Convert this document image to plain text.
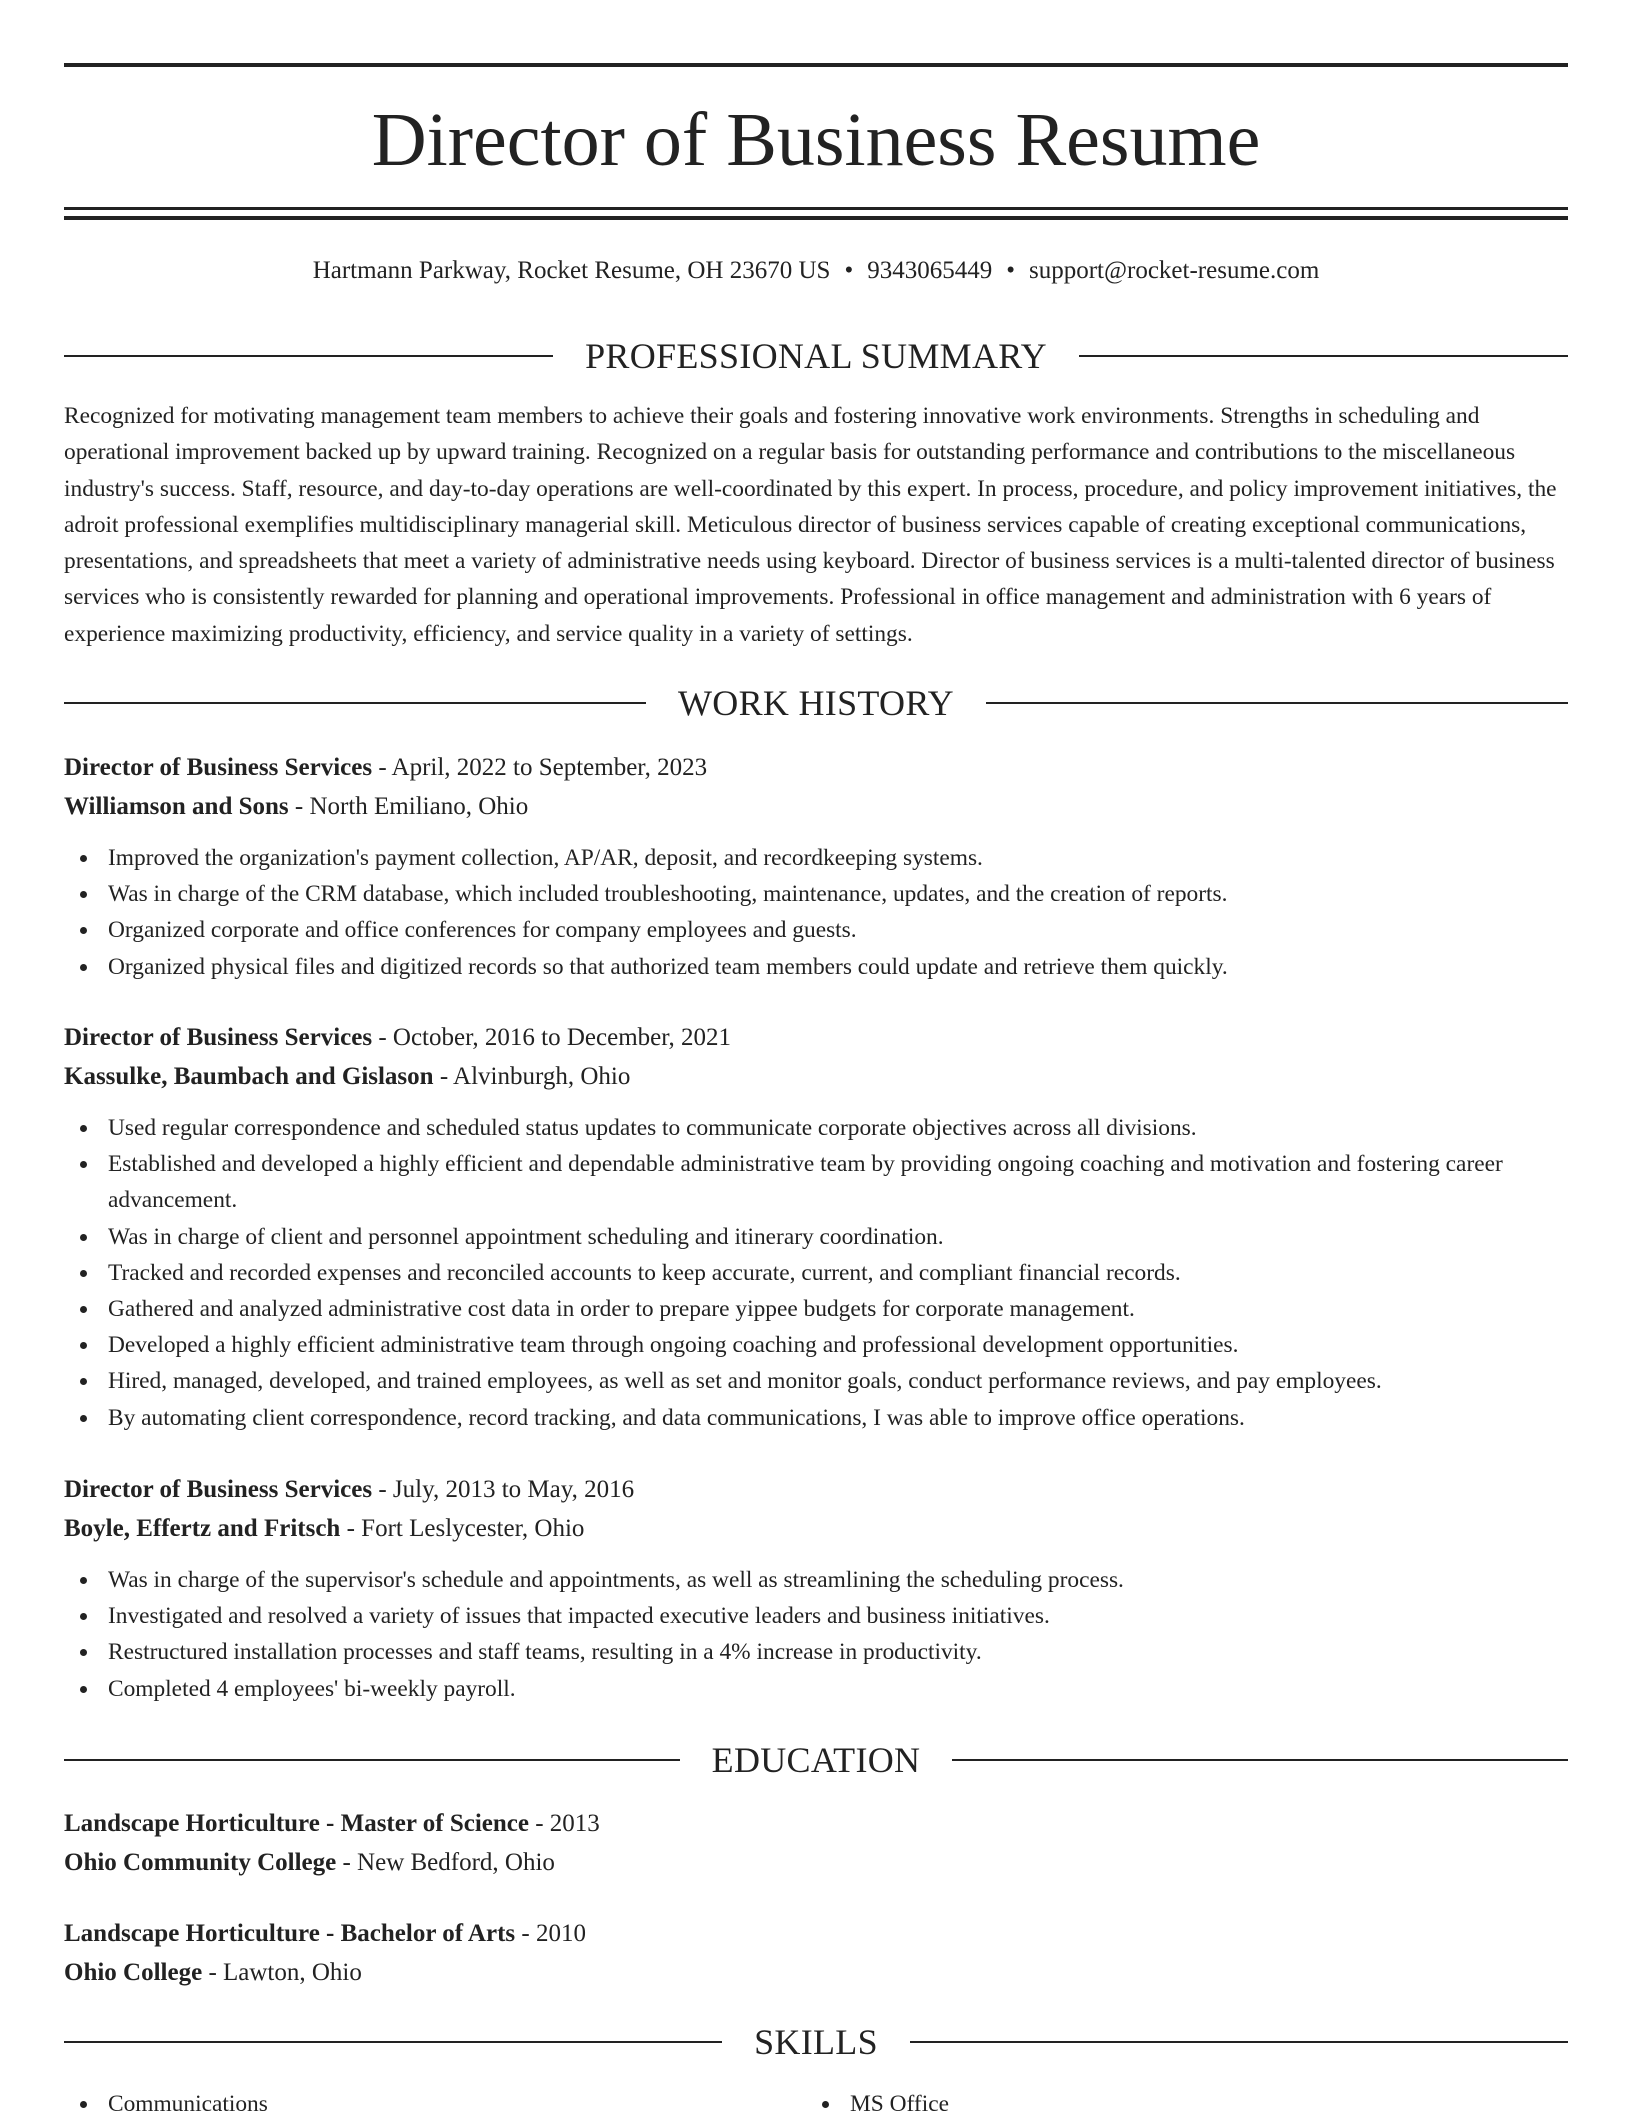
Director of Business Resume
Hartmann Parkway, Rocket Resume, OH 23670 US • 9343065449 • support@rocket-resume.com
PROFESSIONAL SUMMARY

Recognized for motivating management team members to achieve their goals and fostering innovative work environments. Strengths in scheduling and operational improvement backed up by upward training. Recognized on a regular basis for outstanding performance and contributions to the miscellaneous industry's success. Staff, resource, and day-to-day operations are well-coordinated by this expert. In process, procedure, and policy improvement initiatives, the adroit professional exemplifies multidisciplinary managerial skill. Meticulous director of business services capable of creating exceptional communications, presentations, and spreadsheets that meet a variety of administrative needs using keyboard. Director of business services is a multi-talented director of business services who is consistently rewarded for planning and operational improvements. Professional in office management and administration with 6 years of experience maximizing productivity, efficiency, and service quality in a variety of settings.

WORK HISTORY
Director of Business Services - April, 2022 to September, 2023
Williamson and Sons - North Emiliano, Ohio
Improved the organization's payment collection, AP/AR, deposit, and recordkeeping systems.
Was in charge of the CRM database, which included troubleshooting, maintenance, updates, and the creation of reports.
Organized corporate and office conferences for company employees and guests.
Organized physical files and digitized records so that authorized team members could update and retrieve them quickly.
Director of Business Services - October, 2016 to December, 2021
Kassulke, Baumbach and Gislason - Alvinburgh, Ohio
Used regular correspondence and scheduled status updates to communicate corporate objectives across all divisions.
Established and developed a highly efficient and dependable administrative team by providing ongoing coaching and motivation and fostering career advancement.
Was in charge of client and personnel appointment scheduling and itinerary coordination.
Tracked and recorded expenses and reconciled accounts to keep accurate, current, and compliant financial records.
Gathered and analyzed administrative cost data in order to prepare yippee budgets for corporate management.
Developed a highly efficient administrative team through ongoing coaching and professional development opportunities.
Hired, managed, developed, and trained employees, as well as set and monitor goals, conduct performance reviews, and pay employees.
By automating client correspondence, record tracking, and data communications, I was able to improve office operations.
Director of Business Services - July, 2013 to May, 2016
Boyle, Effertz and Fritsch - Fort Leslycester, Ohio
Was in charge of the supervisor's schedule and appointments, as well as streamlining the scheduling process.
Investigated and resolved a variety of issues that impacted executive leaders and business initiatives.
Restructured installation processes and staff teams, resulting in a 4% increase in productivity.
Completed 4 employees' bi-weekly payroll.
EDUCATION
Landscape Horticulture - Master of Science - 2013
Ohio Community College - New Bedford, Ohio
Landscape Horticulture - Bachelor of Arts - 2010
Ohio College - Lawton, Ohio
SKILLS
Communications	MS Office
